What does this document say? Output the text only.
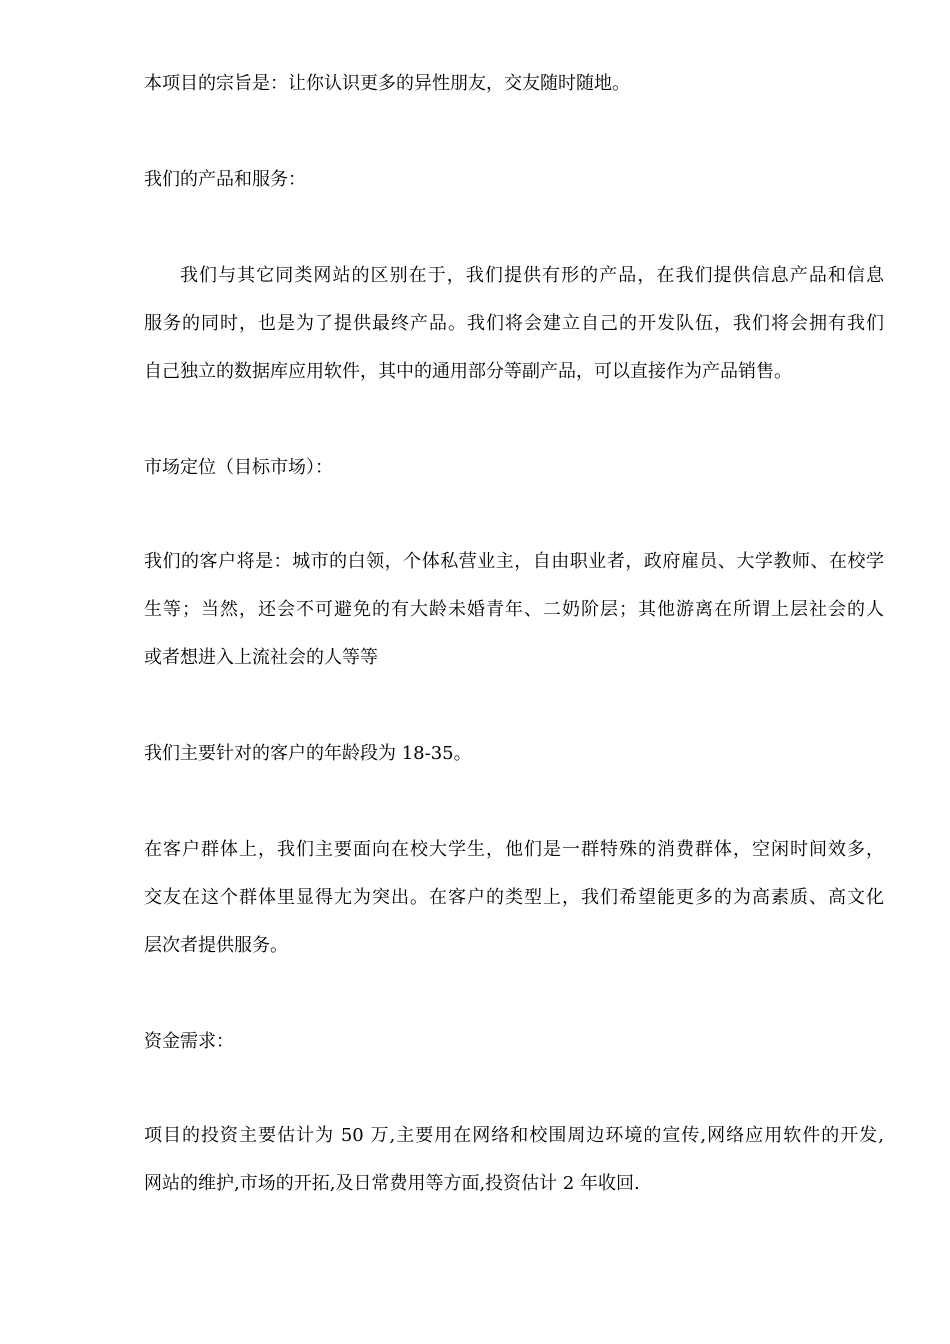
本项目的宗旨是：让你认识更多的异性朋友，交友随时随地。
我们的产品和服务：
我们与其它同类网站的区别在于，我们提供有形的产品，在我们提供信息产品和信息
服务的同时，也是为了提供最终产品。我们将会建立自己的开发队伍，我们将会拥有我们
自己独立的数据库应用软件，其中的通用部分等副产品，可以直接作为产品销售。
市场定位（目标市场）：
我们的客户将是：城市的白领，个体私营业主，自由职业者，政府雇员、大学教师、在校学
生等；当然，还会不可避免的有大龄未婚青年、二奶阶层；其他游离在所谓上层社会的人
或者想进入上流社会的人等等
我们主要针对的客户的年龄段为 18-35。
在客户群体上，我们主要面向在校大学生，他们是一群特殊的消费群体，空闲时间效多，
交友在这个群体里显得尢为突出。在客户的类型上，我们希望能更多的为高素质、高文化
层次者提供服务。
资金需求：
项目的投资主要估计为 50 万,主要用在网络和校围周边环境的宣传,网络应用软件的开发,
网站的维护,市场的开拓,及日常费用等方面,投资估计 2 年收回.
